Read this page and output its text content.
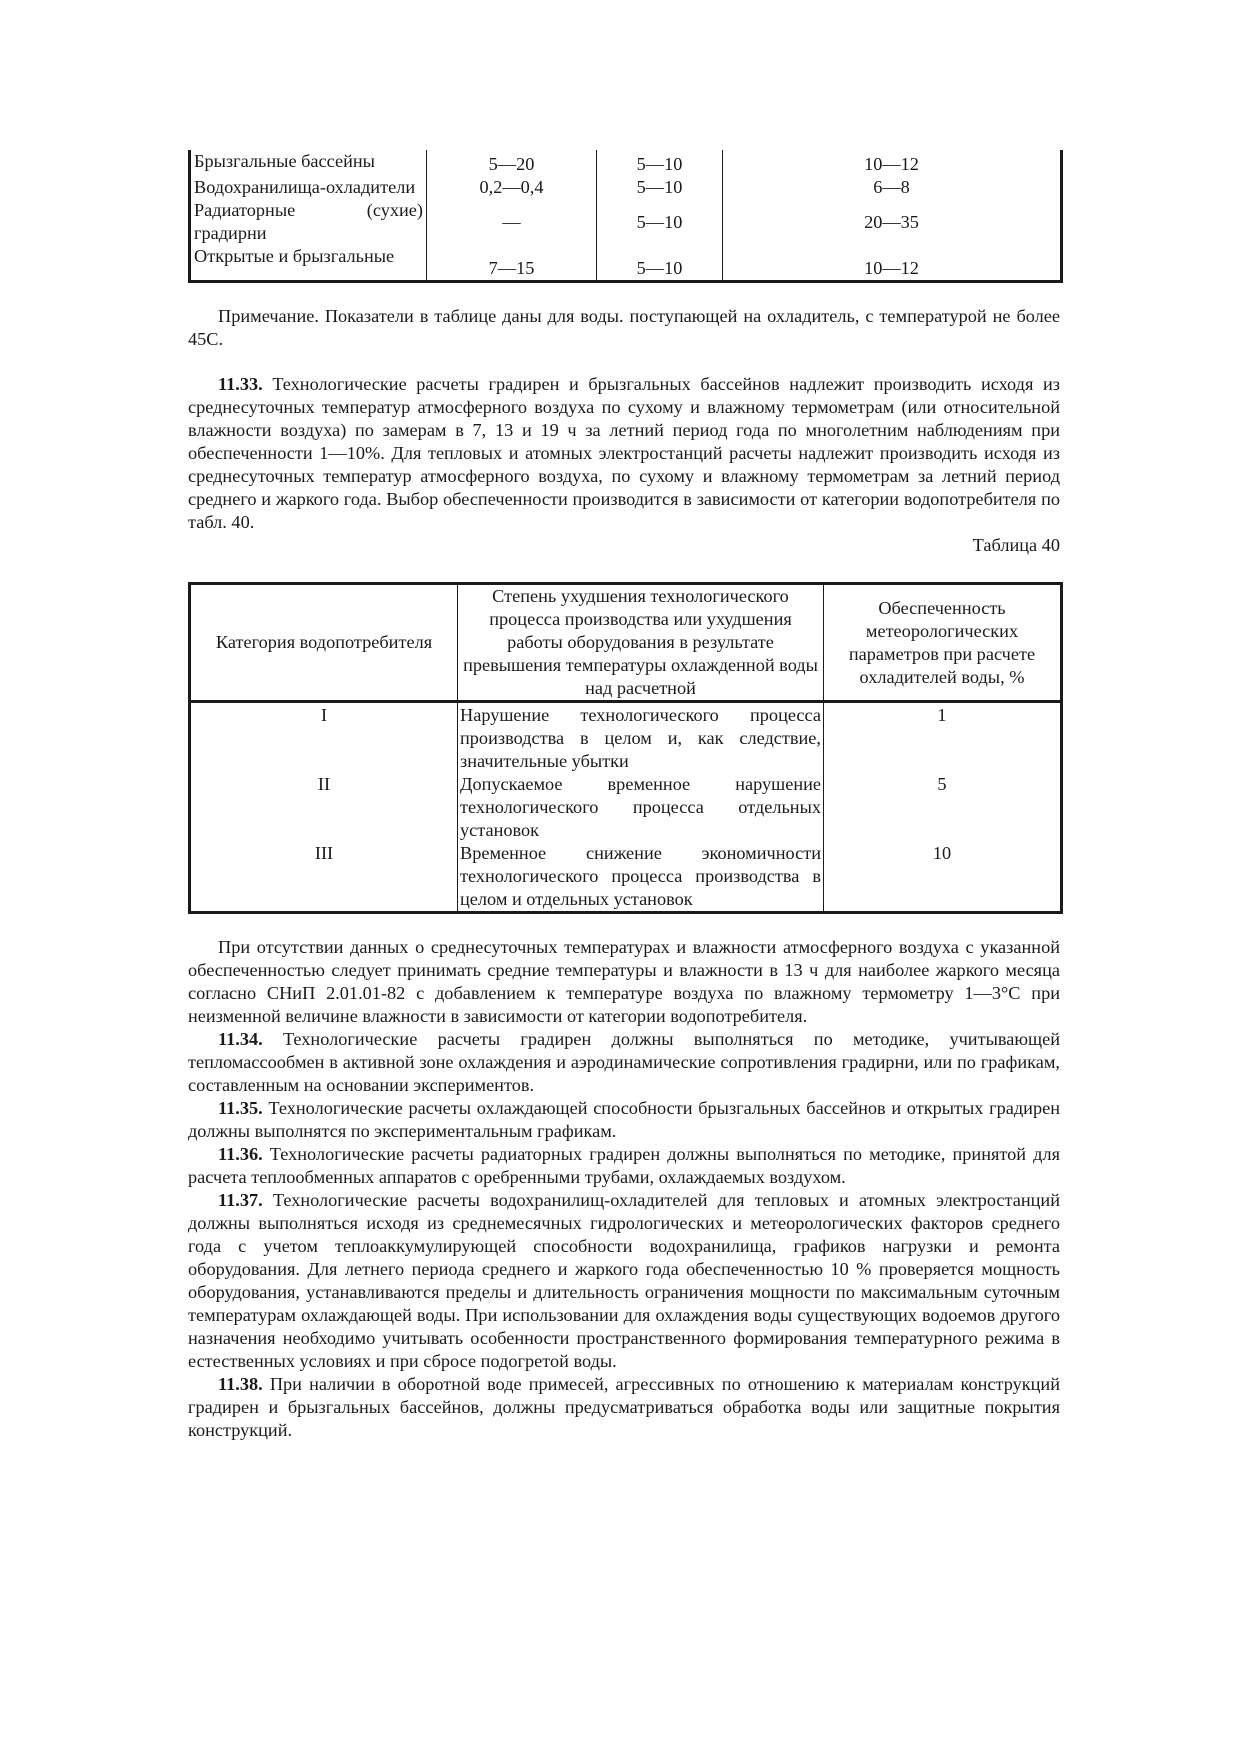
Брызгальные бассейны	5—20	5—10	10—12
Водохранилища-охладители	0,2—0,4	5—10	6—8
Радиаторные (сухие) градирни	—	5—10	20—35
Открытые и брызгальные	7—15	5—10	10—12

Примечание. Показатели в таблице даны для воды. поступающей на охладитель, с температурой не более 45C.

11.33. Технологические расчеты градирен и брызгальных бассейнов надлежит производить исходя из среднесуточных температур атмосферного воздуха по сухому и влажному термометрам (или относительной влажности воздуха) по замерам в 7, 13 и 19 ч за летний период года по многолетним наблюдениям при обеспеченности 1—10%. Для тепловых и атомных электростанций расчеты надлежит производить исходя из среднесуточных температур атмосферного воздуха, по сухому и влажному термометрам за летний период среднего и жаркого года. Выбор обеспеченности производится в зависимости от категории водопотребителя по табл. 40.

Таблица 40

Категория водопотребителя	Степень ухудшения технологического процесса производства или ухудшения работы оборудования в результате превышения температуры охлажденной воды над расчетной	Обеспеченность метеорологических параметров при расчете охладителей воды, %
I	Нарушение технологического процесса производства в целом и, как следствие, значительные убытки	1
II	Допускаемое временное нарушение технологического процесса отдельных установок	5
III	Временное снижение экономичности технологического процесса производства в целом и отдельных установок	10

При отсутствии данных о среднесуточных температурах и влажности атмосферного воздуха с указанной обеспеченностью следует принимать средние температуры и влажности в 13 ч для наиболее жаркого месяца согласно СНиП 2.01.01-82 с добавлением к температуре воздуха по влажному термометру 1—3°С при неизменной величине влажности в зависимости от категории водопотребителя.

11.34. Технологические расчеты градирен должны выполняться по методике, учитывающей тепломассообмен в активной зоне охлаждения и аэродинамические сопротивления градирни, или по графикам, составленным на основании экспериментов.

11.35. Технологические расчеты охлаждающей способности брызгальных бассейнов и открытых градирен должны выполнятся по экспериментальным графикам.

11.36. Технологические расчеты радиаторных градирен должны выполняться по методике, принятой для расчета теплообменных аппаратов с оребренными трубами, охлаждаемых воздухом.

11.37. Технологические расчеты водохранилищ-охладителей для тепловых и атомных электростанций должны выполняться исходя из среднемесячных гидрологических и метеорологических факторов среднего года с учетом теплоаккумулирующей способности водохранилища, графиков нагрузки и ремонта оборудования. Для летнего периода среднего и жаркого года обеспеченностью 10 % проверяется мощность оборудования, устанавливаются пределы и длительность ограничения мощности по максимальным суточным температурам охлаждающей воды. При использовании для охлаждения воды существующих водоемов другого назначения необходимо учитывать особенности пространственного формирования температурного режима в естественных условиях и при сбросе подогретой воды.

11.38. При наличии в оборотной воде примесей, агрессивных по отношению к материалам конструкций градирен и брызгальных бассейнов, должны предусматриваться обработка воды или защитные покрытия конструкций.
